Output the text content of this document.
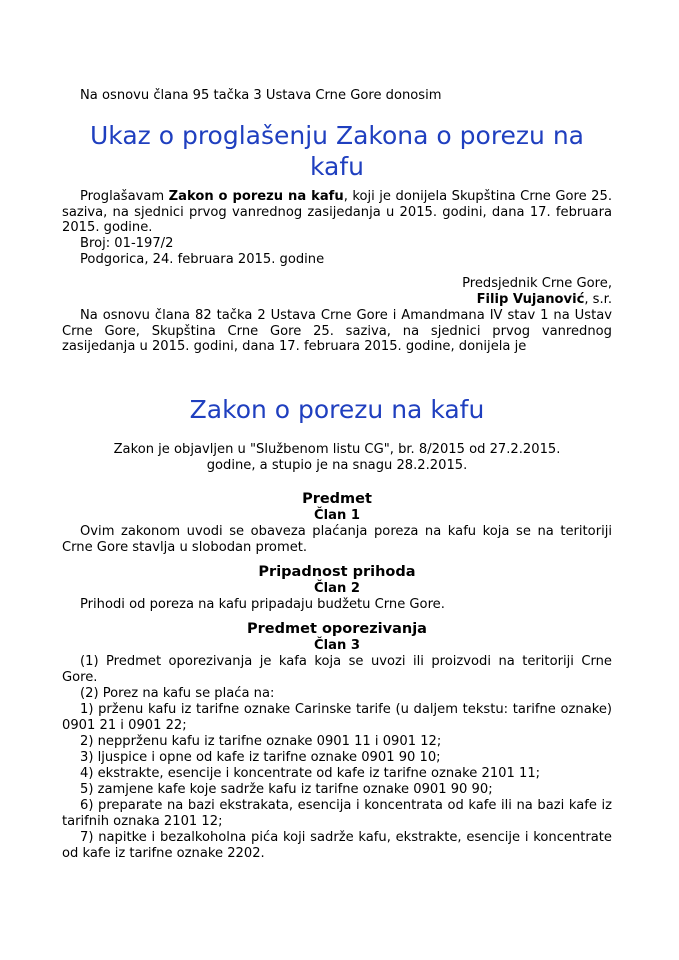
Na osnovu člana 95 tačka 3 Ustava Crne Gore donosim

Ukaz o proglašenju Zakona o porezu na kafu

Proglašavam Zakon o porezu na kafu, koji je donijela Skupština Crne Gore 25. saziva, na sjednici prvog vanrednog zasijedanja u 2015. godini, dana 17. februara 2015. godine.

Broj: 01-197/2

Podgorica, 24. februara 2015. godine

Predsjednik Crne Gore,

Filip Vujanović, s.r.

Na osnovu člana 82 tačka 2 Ustava Crne Gore i Amandmana IV stav 1 na Ustav Crne Gore, Skupština Crne Gore 25. saziva, na sjednici prvog vanrednog zasijedanja u 2015. godini, dana 17. februara 2015. godine, donijela je

Zakon o porezu na kafu

Zakon je objavljen u "Službenom listu CG", br. 8/2015 od 27.2.2015.

godine, a stupio je na snagu 28.2.2015.

Predmet

Član 1

Ovim zakonom uvodi se obaveza plaćanja poreza na kafu koja se na teritoriji Crne Gore stavlja u slobodan promet.

Pripadnost prihoda

Član 2

Prihodi od poreza na kafu pripadaju budžetu Crne Gore.

Predmet oporezivanja

Član 3

(1) Predmet oporezivanja je kafa koja se uvozi ili proizvodi na teritoriji Crne Gore.

(2) Porez na kafu se plaća na:

1) prženu kafu iz tarifne oznake Carinske tarife (u daljem tekstu: tarifne oznake) 0901 21 i 0901 22;

2) nepprženu kafu iz tarifne oznake 0901 11 i 0901 12;

3) ljuspice i opne od kafe iz tarifne oznake 0901 90 10;

4) ekstrakte, esencije i koncentrate od kafe iz tarifne oznake 2101 11;

5) zamjene kafe koje sadrže kafu iz tarifne oznake 0901 90 90;

6) preparate na bazi ekstrakata, esencija i koncentrata od kafe ili na bazi kafe iz tarifnih oznaka 2101 12;

7) napitke i bezalkoholna pića koji sadrže kafu, ekstrakte, esencije i koncentrate od kafe iz tarifne oznake 2202.
